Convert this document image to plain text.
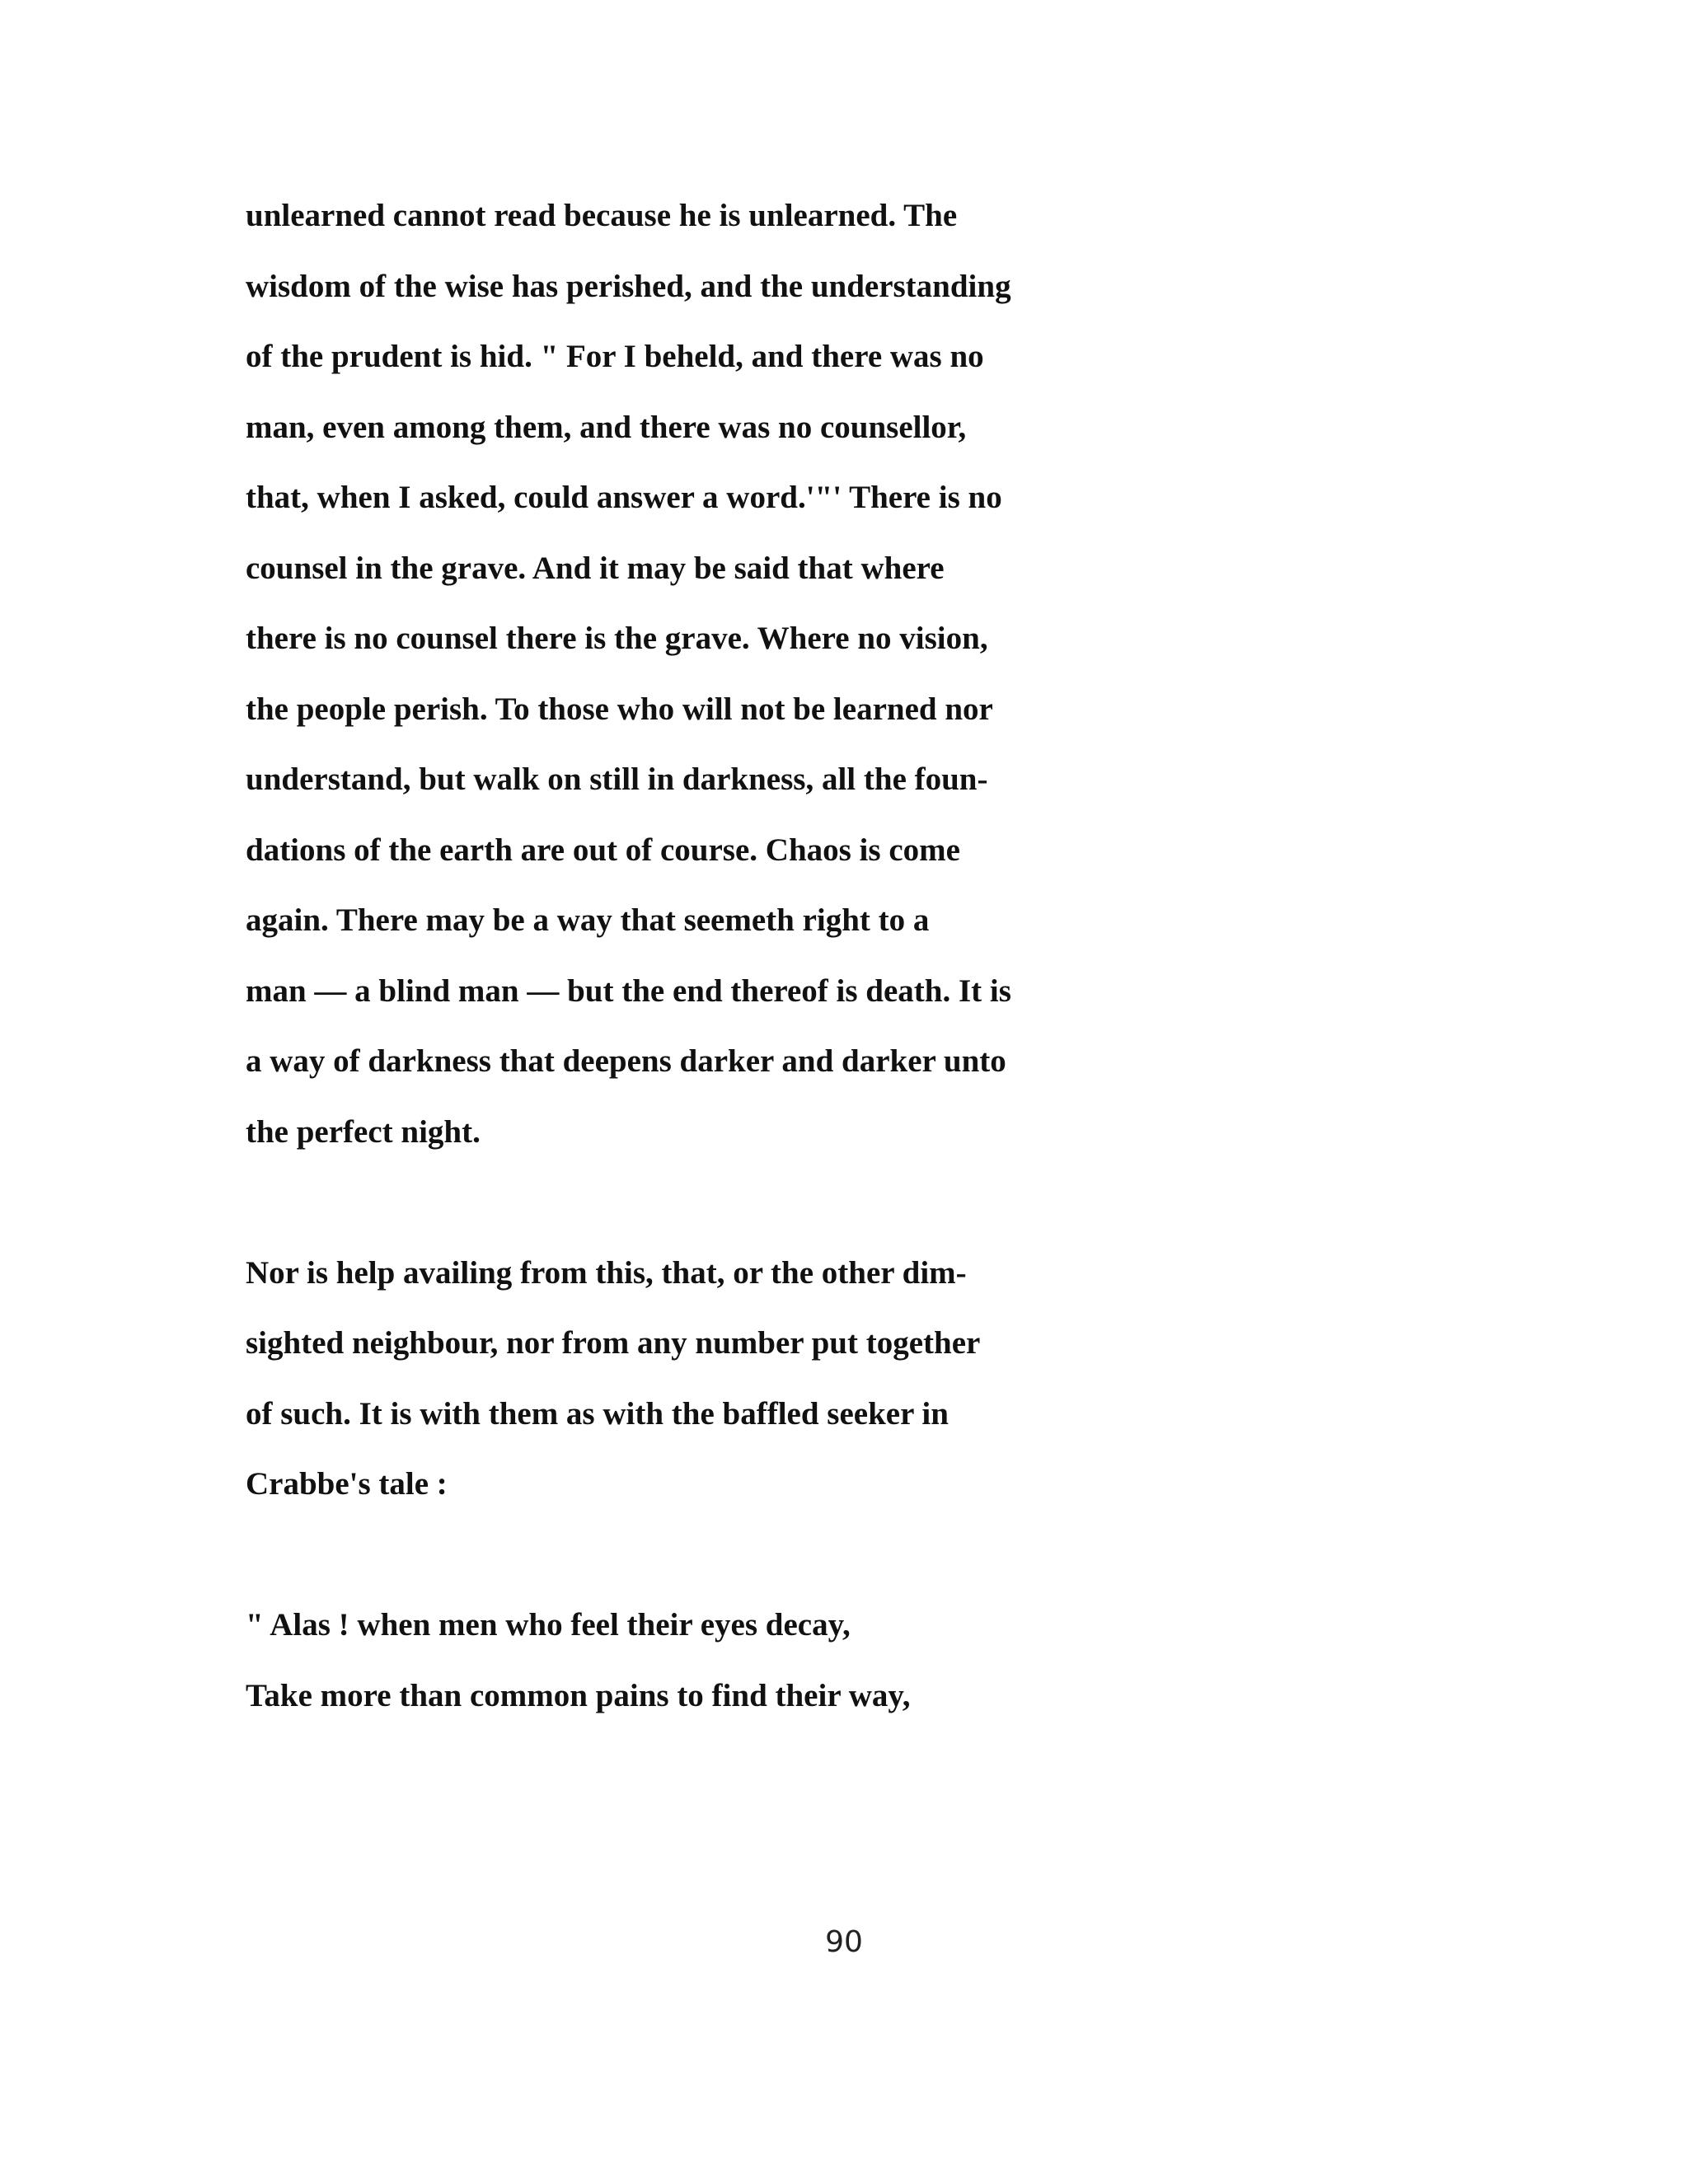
unlearned cannot read because he is unlearned. The
wisdom of the wise has perished, and the understanding
of the prudent is hid. " For I beheld, and there was no
man, even among them, and there was no counsellor,
that, when I asked, could answer a word.'"' There is no
counsel in the grave. And it may be said that where
there is no counsel there is the grave. Where no vision,
the people perish. To those who will not be learned nor
understand, but walk on still in darkness, all the foun-
dations of the earth are out of course. Chaos is come
again. There may be a way that seemeth right to a
man — a blind man — but the end thereof is death. It is
a way of darkness that deepens darker and darker unto
the perfect night.
Nor is help availing from this, that, or the other dim-
sighted neighbour, nor from any number put together
of such. It is with them as with the baffled seeker in
Crabbe's tale :
" Alas ! when men who feel their eyes decay,
Take more than common pains to find their way,
90
